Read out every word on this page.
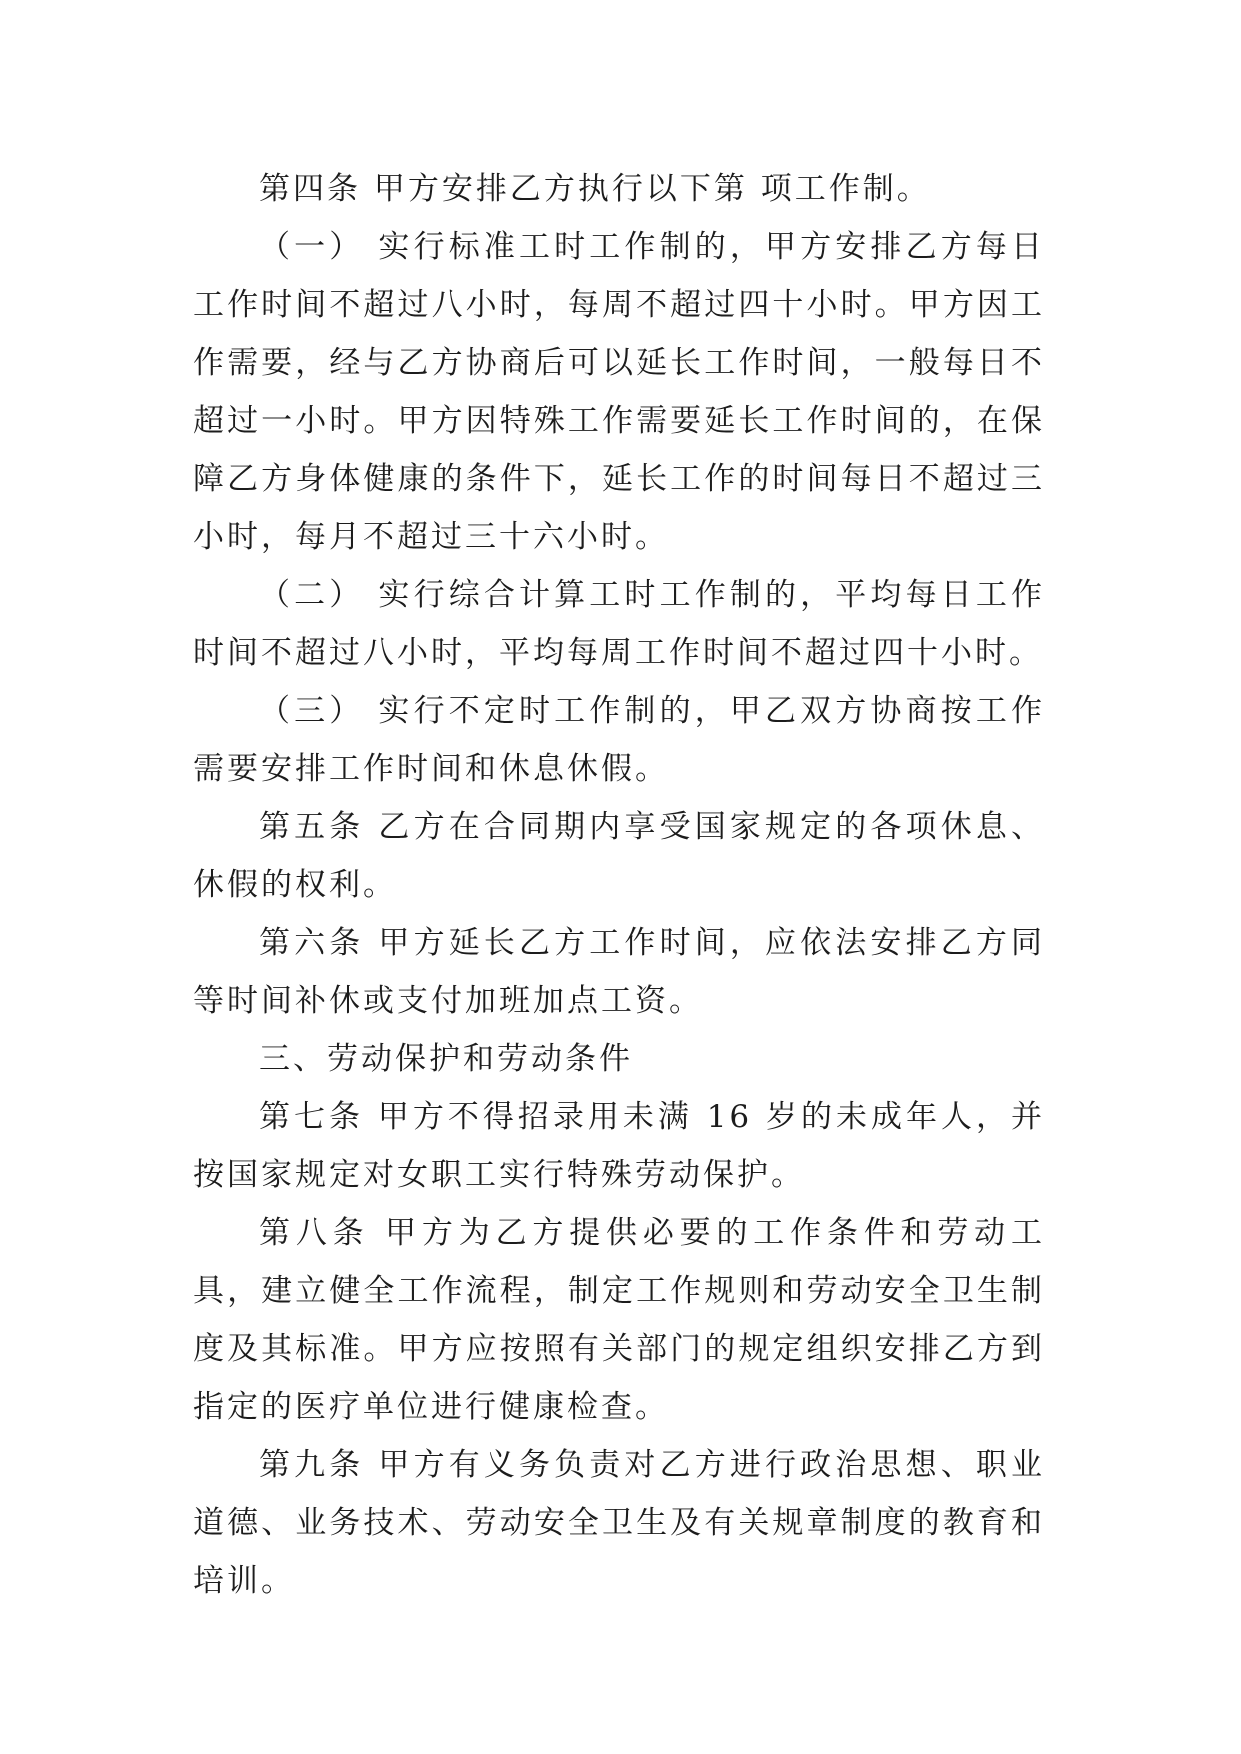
第四条 甲方安排乙方执行以下第 项工作制。

（一） 实行标准工时工作制的，甲方安排乙方每日工作时间不超过八小时，每周不超过四十小时。甲方因工作需要，经与乙方协商后可以延长工作时间，一般每日不超过一小时。甲方因特殊工作需要延长工作时间的，在保障乙方身体健康的条件下，延长工作的时间每日不超过三小时，每月不超过三十六小时。

（二） 实行综合计算工时工作制的，平均每日工作时间不超过八小时，平均每周工作时间不超过四十小时。

（三） 实行不定时工作制的，甲乙双方协商按工作需要安排工作时间和休息休假。

第五条 乙方在合同期内享受国家规定的各项休息、休假的权利。

第六条 甲方延长乙方工作时间，应依法安排乙方同等时间补休或支付加班加点工资。

三、劳动保护和劳动条件

第七条 甲方不得招录用未满 16 岁的未成年人，并按国家规定对女职工实行特殊劳动保护。

第八条 甲方为乙方提供必要的工作条件和劳动工具，建立健全工作流程，制定工作规则和劳动安全卫生制度及其标准。甲方应按照有关部门的规定组织安排乙方到指定的医疗单位进行健康检查。

第九条 甲方有义务负责对乙方进行政治思想、职业道德、业务技术、劳动安全卫生及有关规章制度的教育和培训。
